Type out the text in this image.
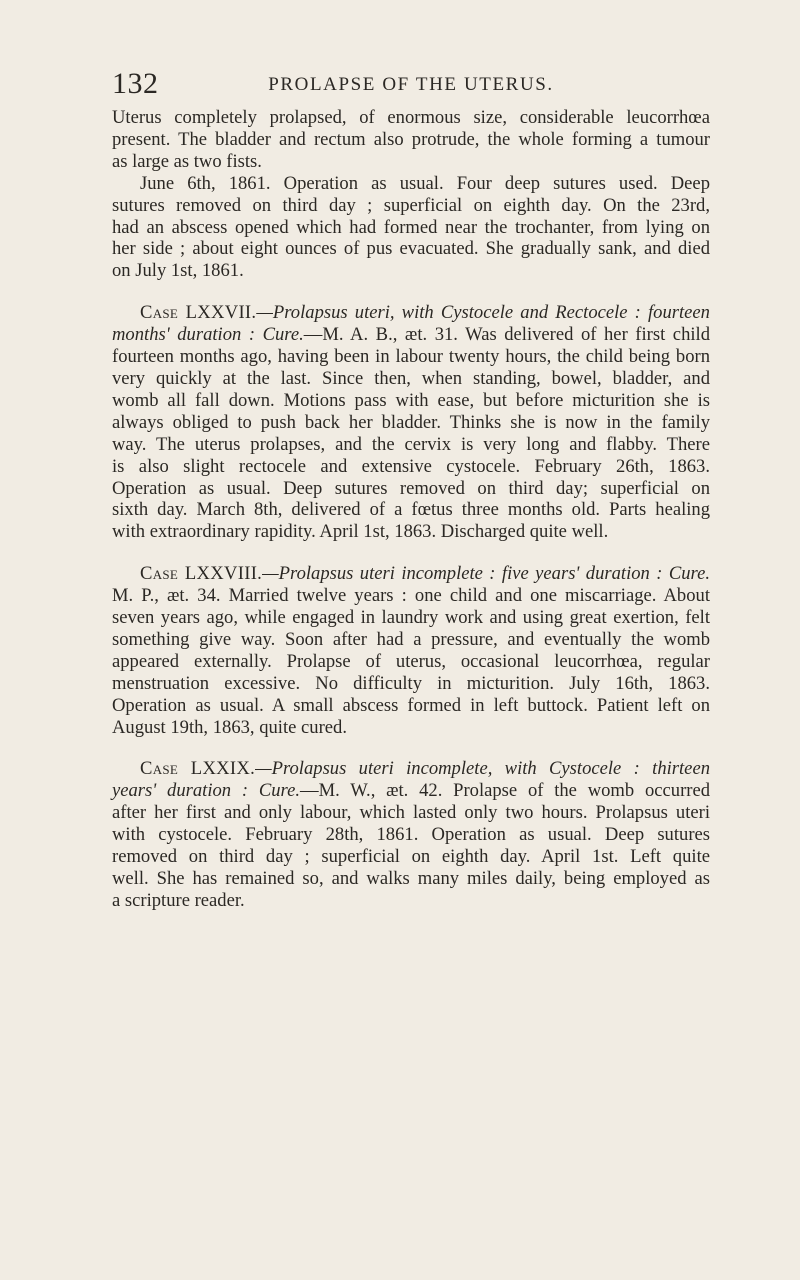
132	PROLAPSE OF THE UTERUS.

Uterus completely prolapsed, of enormous size, considerable leucorrhœa
present. The bladder and rectum also protrude, the whole forming a tumour
as large as two fists.
June 6th, 1861. Operation as usual. Four deep sutures used. Deep
sutures removed on third day ; superficial on eighth day. On the 23rd,
had an abscess opened which had formed near the trochanter, from lying on
her side ; about eight ounces of pus evacuated. She gradually sank, and died
on July 1st, 1861.

Case LXXVII.—Prolapsus uteri, with Cystocele and Rectocele : fourteen
months' duration : Cure.—M. A. B., æt. 31. Was delivered of her first child
fourteen months ago, having been in labour twenty hours, the child being born
very quickly at the last. Since then, when standing, bowel, bladder, and
womb all fall down. Motions pass with ease, but before micturition she is
always obliged to push back her bladder. Thinks she is now in the family
way. The uterus prolapses, and the cervix is very long and flabby. There
is also slight rectocele and extensive cystocele. February 26th, 1863.
Operation as usual. Deep sutures removed on third day; superficial on
sixth day. March 8th, delivered of a fœtus three months old. Parts healing
with extraordinary rapidity. April 1st, 1863. Discharged quite well.

Case LXXVIII.—Prolapsus uteri incomplete : five years' duration : Cure.
M. P., æt. 34. Married twelve years : one child and one miscarriage. About
seven years ago, while engaged in laundry work and using great exertion, felt
something give way. Soon after had a pressure, and eventually the womb
appeared externally. Prolapse of uterus, occasional leucorrhœa, regular
menstruation excessive. No difficulty in micturition. July 16th, 1863.
Operation as usual. A small abscess formed in left buttock. Patient left on
August 19th, 1863, quite cured.

Case LXXIX.—Prolapsus uteri incomplete, with Cystocele : thirteen
years' duration : Cure.—M. W., æt. 42. Prolapse of the womb occurred
after her first and only labour, which lasted only two hours. Prolapsus uteri
with cystocele. February 28th, 1861. Operation as usual. Deep sutures
removed on third day ; superficial on eighth day. April 1st. Left quite
well. She has remained so, and walks many miles daily, being employed as
a scripture reader.
